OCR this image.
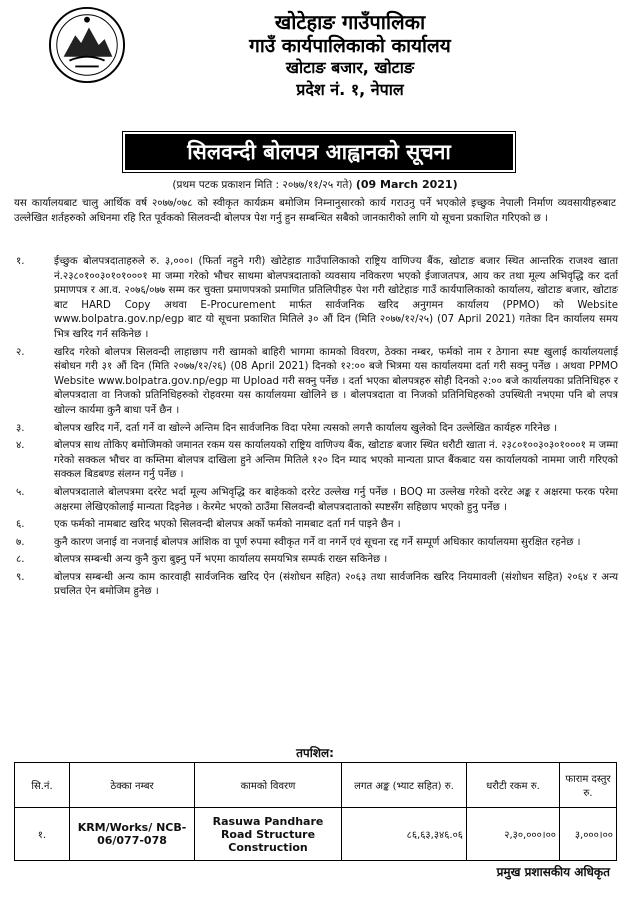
खोटेहाङ गाउँपालिका
गाउँ कार्यपालिकाको कार्यालय
खोटाङ बजार, खोटाङ
प्रदेश नं. १, नेपाल
सिलवन्दी बोलपत्र आह्वानको सूचना
(प्रथम पटक प्रकाशन मिति : २०७७/११/२५ गते) (09 March 2021)
यस कार्यालयबाट चालु आर्थिक वर्ष २०७७/०७८ को स्वीकृत कार्यक्रम बमोजिम निम्नानुसारको कार्य गराउनु पर्ने भएकोले इच्छुक नेपाली निर्माण व्यवसायीहरुबाट उल्लेखित शर्तहरुको अधिनमा रहि रित पूर्वकको सिलवन्दी बोलपत्र पेश गर्नु हुन सम्बन्धित सबैको जानकारीको लागि यो सूचना प्रकाशित गरिएको छ ।
१.	ईच्छुक बोलपत्रदाताहरुले रु. ३,०००। (फिर्ता नहुने गरी) खोटेहाङ गाउँपालिकाको राष्ट्रिय वाणिज्य बैंक, खोटाङ बजार स्थित आन्तरिक राजश्व खाता नं.२३८०१००३०१०१०००१ मा जम्मा गरेको भौचर साथमा बोलपत्रदाताको व्यवसाय नविकरण भएको ईजाजतपत्र, आय कर तथा मूल्य अभिवृद्धि कर दर्ता प्रमाणपत्र र आ.व. २०७६/०७७ सम्म कर चुक्ता प्रमाणपत्रको प्रमाणित प्रतिलिपीहरु पेश गरी खोटेहाङ गाउँ कार्यपालिकाको कार्यालय, खोटाङ बजार, खोटाङ बाट HARD Copy अथवा E-Procurement मार्फत सार्वजनिक खरिद अनुगमन कार्यालय (PPMO) को Website www.bolpatra.gov.np/egp बाट यो सूचना प्रकाशित मितिले ३० औं दिन (मिति २०७७/१२/२५) (07 April 2021) गतेका दिन कार्यालय समय भित्र खरिद गर्न सकिनेछ ।
२.	खरिद गरेको बोलपत्र सिलवन्दी लाहाछाप गरी खामको बाहिरी भागमा कामको विवरण, ठेक्का नम्बर, फर्मको नाम र ठेगाना स्पष्ट खुलाई कार्यालयलाई संबोधन गरी ३१ औं दिन (मिति २०७७/१२/२६) (08 April 2021) दिनको १२:०० बजे भित्रमा यस कार्यालयमा दर्ता गरी सक्नु पर्नेछ । अथवा PPMO Website www.bolpatra.gov.np/egp मा Upload गरी सक्नु पर्नेछ । दर्ता भएका बोलपत्रहरु सोही दिनको २:०० बजे कार्यालयका प्रतिनिधिहरु र बोलपत्रदाता वा निजको प्रतिनिधिहरुको रोहवरमा यस कार्यालयमा खोलिने छ । बोलपत्रदाता वा निजको प्रतिनिधिहरुको उपस्थिती नभएमा पनि बो लपत्र खोल्न कार्यमा कुनै बाधा पर्ने छैन ।
३.	बोलपत्र खरिद गर्ने, दर्ता गर्ने वा खोल्ने अन्तिम दिन सार्वजनिक विदा परेमा त्यसको लगत्तै कार्यालय खुलेको दिन उल्लेखित कार्यहरु गरिनेछ ।
४.	बोलपत्र साथ तोकिए बमोजिमको जमानत रकम यस कार्यालयको राष्ट्रिय वाणिज्य बैंक, खोटाङ बजार स्थित धरौटी खाता नं. २३८०१००३०३०१०००१ म जम्मा गरेको सक्कल भौचर वा कम्तिमा बोलपत्र दाखिला हुने अन्तिम मितिले १२० दिन म्याद भएको मान्यता प्राप्त बैंकबाट यस कार्यालयको नाममा जारी गरिएको सक्कल बिडबण्ड संलग्न गर्नु पर्नेछ ।
५.	बोलपत्रदाताले बोलपत्रमा दररेट भर्दा मूल्य अभिवृद्धि कर बाहेकको दररेट उल्लेख गर्नु पर्नेछ । BOQ मा उल्लेख गरेको दररेट अङ्क र अक्षरमा फरक परेमा अक्षरमा लेखिएकोलाई मान्यता दिइनेछ । केरमेट भएको ठाउँमा सिलवन्दी बोलपत्रदाताको स्पष्टसँग सहिछाप भएको हुनु पर्नेछ ।
६.	एक फर्मको नामबाट खरिद भएको सिलवन्दी बोलपत्र अर्को फर्मको नामबाट दर्ता गर्न पाइने छैन ।
७.	कुनै कारण जनाई वा नजनाई बोलपत्र आंशिक वा पूर्ण रुपमा स्वीकृत गर्ने वा नगर्ने एवं सूचना रद्द गर्ने सम्पूर्ण अधिकार कार्यालयमा सुरक्षित रहनेछ ।
८.	बोलपत्र सम्बन्धी अन्य कुनै कुरा बुझ्नु पर्ने भएमा कार्यालय समयभित्र सम्पर्क राख्न सकिनेछ ।
९.	बोलपत्र सम्बन्धी अन्य काम कारवाही सार्वजनिक खरिद ऐन (संशोधन सहित) २०६३ तथा सार्वजनिक खरिद नियमावली (संशोधन सहित) २०६४ र अन्य प्रचलित ऐन बमोजिम हुनेछ ।
तपशिल:
सि.नं.	ठेक्का नम्बर	कामको विवरण	लगत अङ्क (भ्याट सहित) रु.	धरौटी रकम रु.	फाराम दस्तुर रु.
१.	KRM/Works/ NCB-06/077-078	Rasuwa Pandhare Road Structure Construction	८६,६३,३४६.०६	२,३०,०००।००	३,०००।००
प्रमुख प्रशासकीय अधिकृत
